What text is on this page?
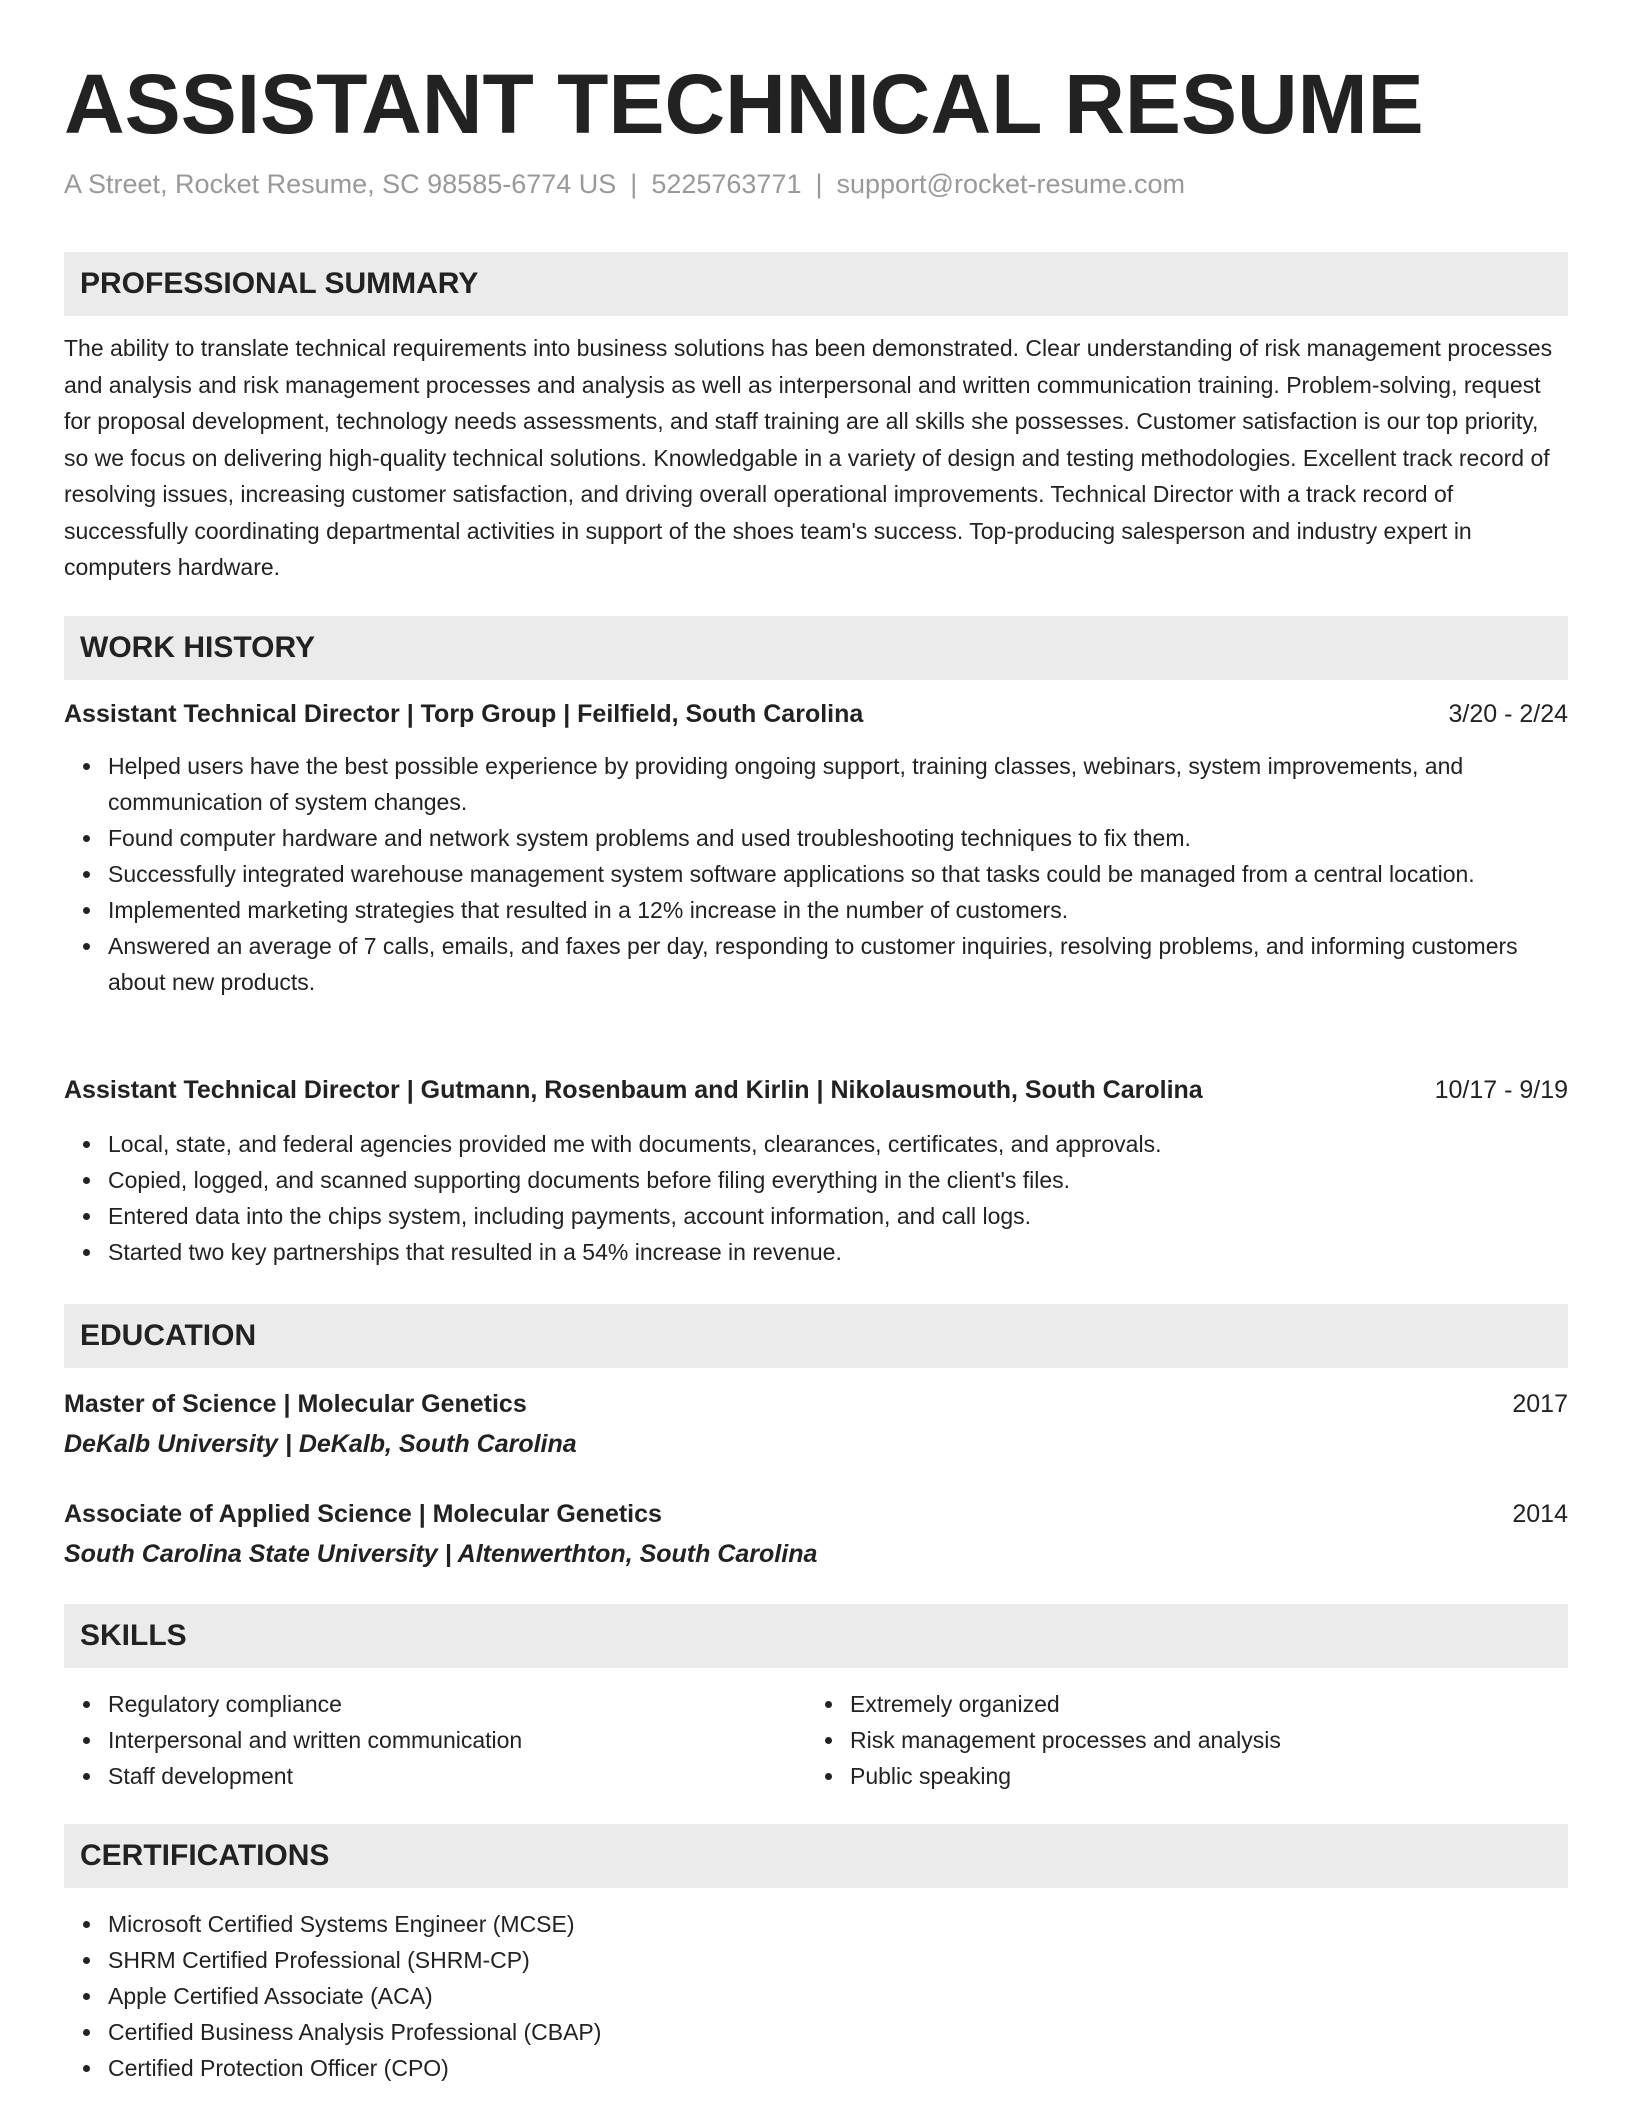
ASSISTANT TECHNICAL RESUME
A Street, Rocket Resume, SC 98585-6774 US | 5225763771 | support@rocket-resume.com
PROFESSIONAL SUMMARY

The ability to translate technical requirements into business solutions has been demonstrated. Clear understanding of risk management processes and analysis and risk management processes and analysis as well as interpersonal and written communication training. Problem-solving, request for proposal development, technology needs assessments, and staff training are all skills she possesses. Customer satisfaction is our top priority, so we focus on delivering high-quality technical solutions. Knowledgable in a variety of design and testing methodologies. Excellent track record of resolving issues, increasing customer satisfaction, and driving overall operational improvements. Technical Director with a track record of successfully coordinating departmental activities in support of the shoes team's success. Top-producing salesperson and industry expert in computers hardware.

WORK HISTORY
Assistant Technical Director | Torp Group | Feilfield, South Carolina	3/20 - 2/24
Helped users have the best possible experience by providing ongoing support, training classes, webinars, system improvements, and communication of system changes.
Found computer hardware and network system problems and used troubleshooting techniques to fix them.
Successfully integrated warehouse management system software applications so that tasks could be managed from a central location.
Implemented marketing strategies that resulted in a 12% increase in the number of customers.
Answered an average of 7 calls, emails, and faxes per day, responding to customer inquiries, resolving problems, and informing customers about new products.
Assistant Technical Director | Gutmann, Rosenbaum and Kirlin | Nikolausmouth, South Carolina	10/17 - 9/19
Local, state, and federal agencies provided me with documents, clearances, certificates, and approvals.
Copied, logged, and scanned supporting documents before filing everything in the client's files.
Entered data into the chips system, including payments, account information, and call logs.
Started two key partnerships that resulted in a 54% increase in revenue.
EDUCATION
Master of Science | Molecular Genetics	2017
DeKalb University | DeKalb, South Carolina
Associate of Applied Science | Molecular Genetics	2014
South Carolina State University | Altenwerthton, South Carolina
SKILLS
Regulatory compliance
Interpersonal and written communication
Staff development
Extremely organized
Risk management processes and analysis
Public speaking
CERTIFICATIONS
Microsoft Certified Systems Engineer (MCSE)
SHRM Certified Professional (SHRM-CP)
Apple Certified Associate (ACA)
Certified Business Analysis Professional (CBAP)
Certified Protection Officer (CPO)
